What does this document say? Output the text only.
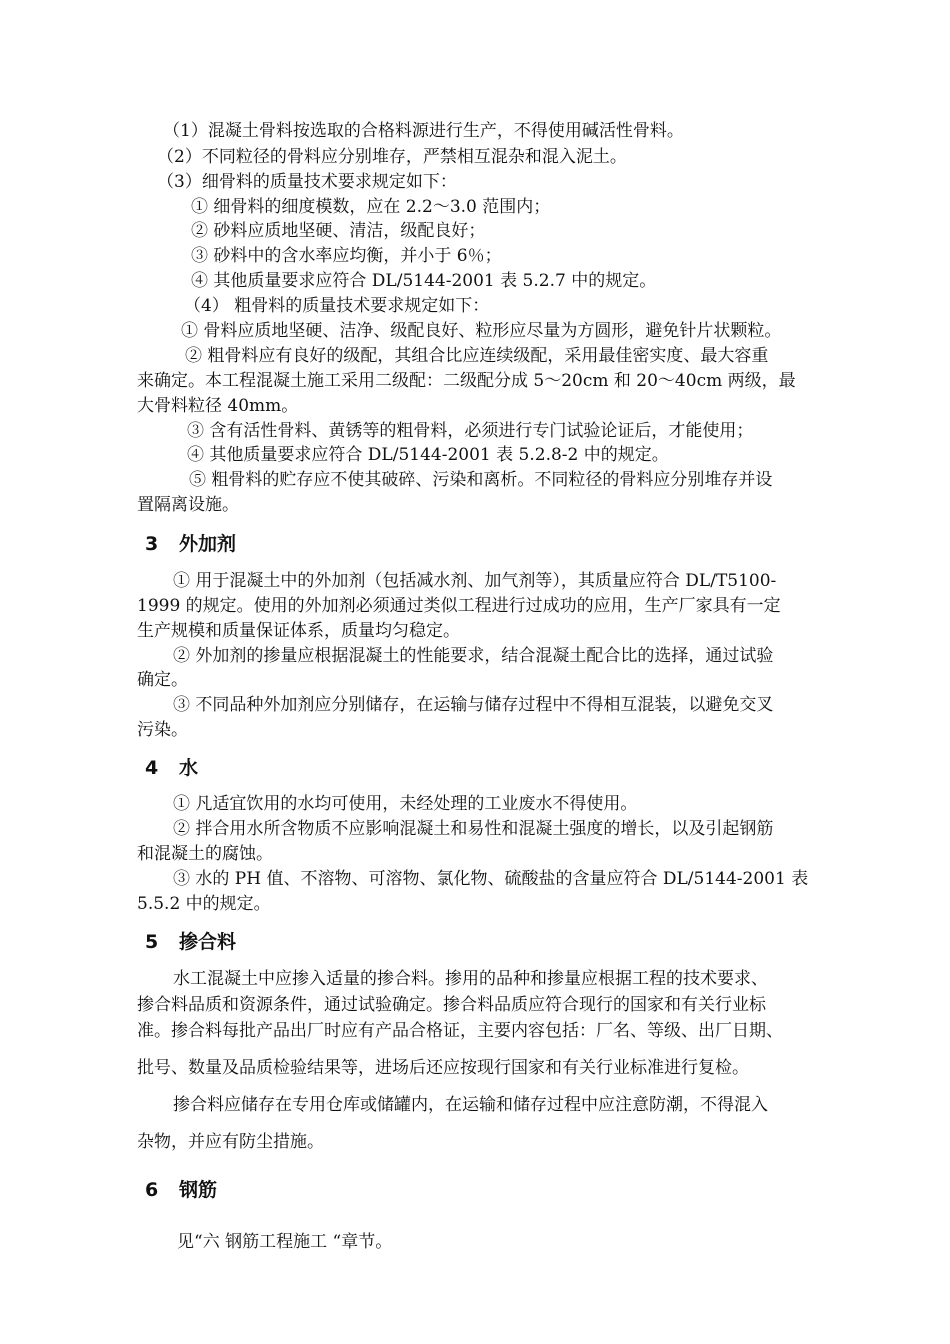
（1）混凝土骨料按选取的合格料源进行生产，不得使用碱活性骨料。
（2）不同粒径的骨料应分别堆存，严禁相互混杂和混入泥土。
（3）细骨料的质量技术要求规定如下：
① 细骨料的细度模数，应在 2.2～3.0 范围内；
② 砂料应质地坚硬、清洁，级配良好；
③ 砂料中的含水率应均衡，并小于 6％；
④ 其他质量要求应符合 DL/5144-2001 表 5.2.7 中的规定。
（4） 粗骨料的质量技术要求规定如下：
① 骨料应质地坚硬、洁净、级配良好、粒形应尽量为方圆形，避免针片状颗粒。
② 粗骨料应有良好的级配，其组合比应连续级配，采用最佳密实度、最大容重
来确定。本工程混凝土施工采用二级配：二级配分成 5～20cm 和 20～40cm 两级，最
大骨料粒径 40mm。
③ 含有活性骨料、黄锈等的粗骨料，必须进行专门试验论证后，才能使用；
④ 其他质量要求应符合 DL/5144-2001 表 5.2.8-2 中的规定。
⑤ 粗骨料的贮存应不使其破碎、污染和离析。不同粒径的骨料应分别堆存并设
置隔离设施。
3 外加剂
① 用于混凝土中的外加剂（包括减水剂、加气剂等），其质量应符合 DL/T5100-
1999 的规定。使用的外加剂必须通过类似工程进行过成功的应用，生产厂家具有一定
生产规模和质量保证体系，质量均匀稳定。
② 外加剂的掺量应根据混凝土的性能要求，结合混凝土配合比的选择，通过试验
确定。
③ 不同品种外加剂应分别储存，在运输与储存过程中不得相互混装，以避免交叉
污染。
4 水
① 凡适宜饮用的水均可使用，未经处理的工业废水不得使用。
② 拌合用水所含物质不应影响混凝土和易性和混凝土强度的增长，以及引起钢筋
和混凝土的腐蚀。
③ 水的 PH 值、不溶物、可溶物、氯化物、硫酸盐的含量应符合 DL/5144-2001 表
5.5.2 中的规定。
5 掺合料
水工混凝土中应掺入适量的掺合料。掺用的品种和掺量应根据工程的技术要求、
掺合料品质和资源条件，通过试验确定。掺合料品质应符合现行的国家和有关行业标
准。掺合料每批产品出厂时应有产品合格证，主要内容包括：厂名、等级、出厂日期、
批号、数量及品质检验结果等，进场后还应按现行国家和有关行业标准进行复检。
掺合料应储存在专用仓库或储罐内，在运输和储存过程中应注意防潮，不得混入
杂物，并应有防尘措施。
6 钢筋
见“六 钢筋工程施工 “章节。
